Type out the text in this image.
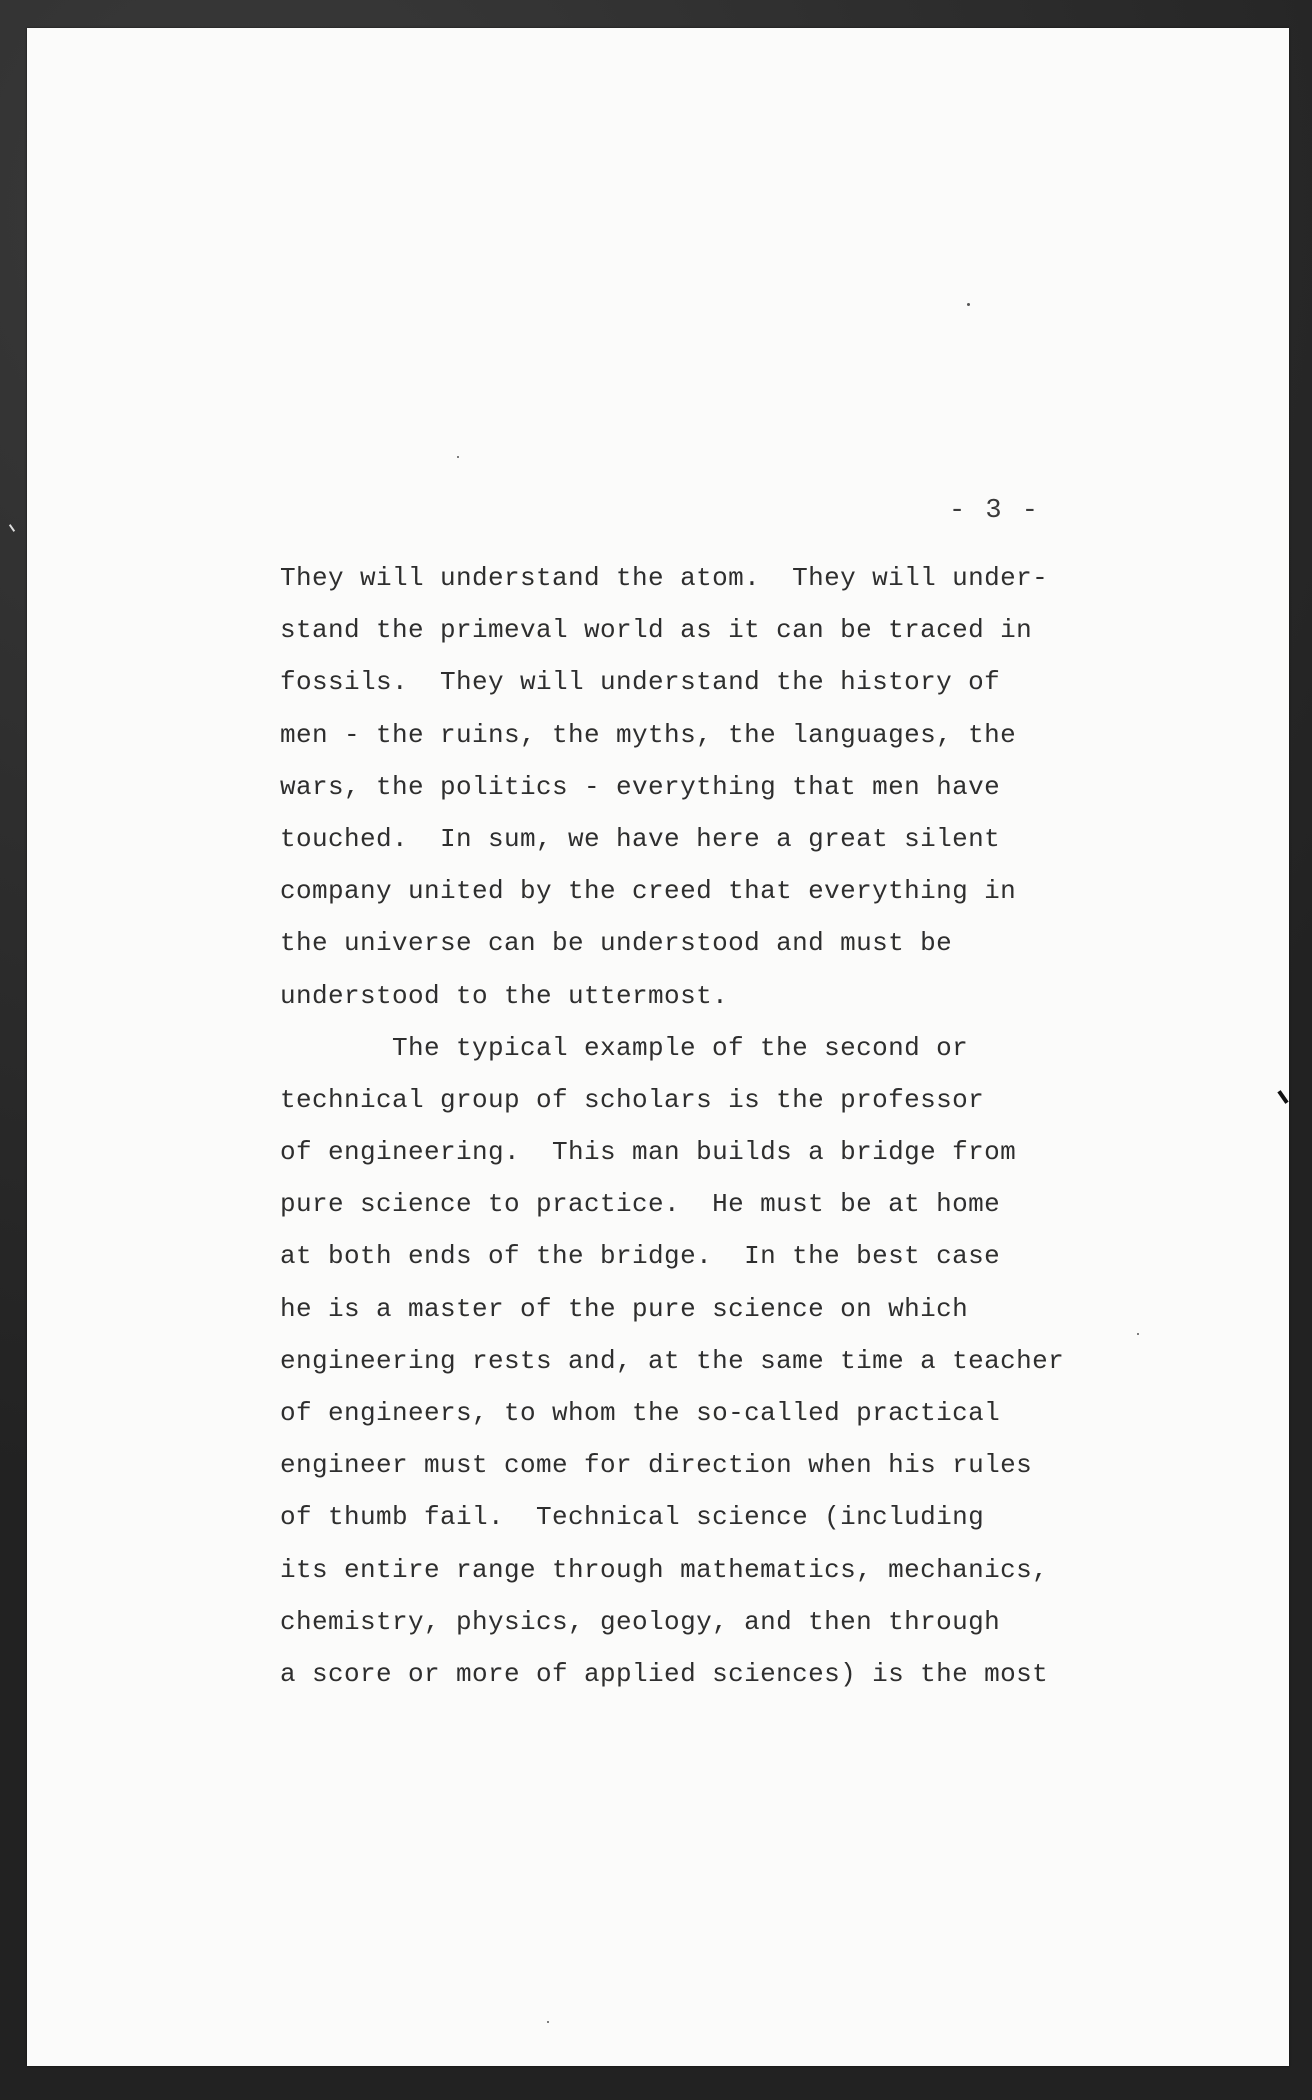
- 3 -
They will understand the atom.  They will under-
stand the primeval world as it can be traced in
fossils.  They will understand the history of
men - the ruins, the myths, the languages, the
wars, the politics - everything that men have
touched.  In sum, we have here a great silent
company united by the creed that everything in
the universe can be understood and must be
understood to the uttermost.
The typical example of the second or
technical group of scholars is the professor
of engineering.  This man builds a bridge from
pure science to practice.  He must be at home
at both ends of the bridge.  In the best case
he is a master of the pure science on which
engineering rests and, at the same time a teacher
of engineers, to whom the so-called practical
engineer must come for direction when his rules
of thumb fail.  Technical science (including
its entire range through mathematics, mechanics,
chemistry, physics, geology, and then through
a score or more of applied sciences) is the most
